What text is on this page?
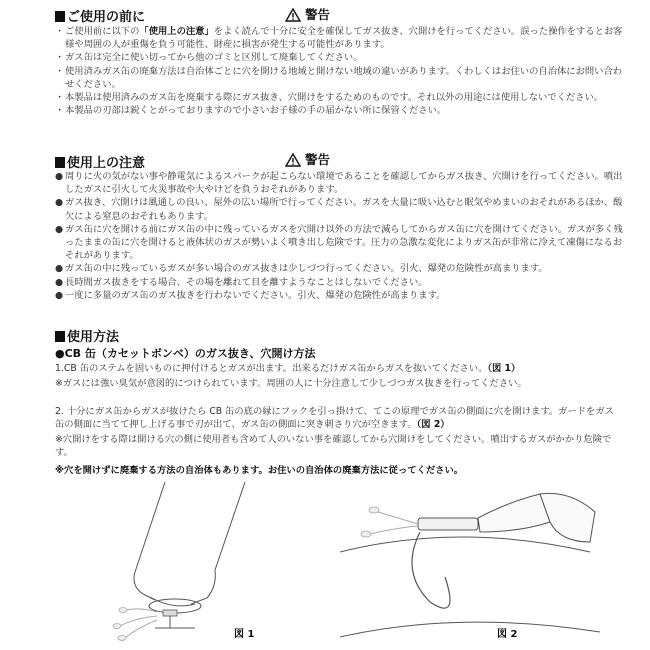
ご使用の前に	警告

・ ご使用前に以下の「使用上の注意」をよく読んで十分に安全を確保してガス抜き、穴開けを行ってください。誤った操作をするとお客様や周囲の人が重傷を負う可能性、財産に損害が発生する可能性があります。

・ ガス缶は完全に使い切ってから他のゴミと区別して廃棄してください。

・ 使用済みガス缶の廃棄方法は自治体ごとに穴を開ける地域と開けない地域の違いがあります。くわしくはお住いの自治体にお問い合わせください。

・ 本製品は使用済みのガス缶を廃棄する際にガス抜き、穴開けをするためのものです。それ以外の用途には使用しないでください。

・ 本製品の刃部は鋭くとがっておりますので小さいお子様の手の届かない所に保管ください。

使用上の注意	警告

● 周りに火の気がない事や静電気によるスパークが起こらない環境であることを確認してからガス抜き、穴開けを行ってください。噴出したガスに引火して火災事故や大やけどを負うおそれがあります。

● ガス抜き、穴開けは風通しの良い、屋外の広い場所で行ってください。ガスを大量に吸い込むと眠気やめまいのおそれがあるほか、酸欠による窒息のおそれもあります。

● ガス缶に穴を開ける前にガス缶の中に残っているガスを穴開け以外の方法で減らしてからガス缶に穴を開けてください。ガスが多く残ったままの缶に穴を開けると液体状のガスが勢いよく噴き出し危険です。圧力の急激な変化によりガス缶が非常に冷えて凍傷になるおそれがあります。

● ガス缶の中に残っているガスが多い場合のガス抜きは少しづつ行ってください。引火、爆発の危険性が高まります。

● 長時間ガス抜きをする場合、その場を離れて目を離すようなことはしないでください。

● 一度に多量のガス缶のガス抜きを行わないでください。引火、爆発の危険性が高まります。

使用方法
●CB 缶（カセットボンベ）のガス抜き、穴開け方法

1.CB 缶のステムを固いものに押付けるとガスが出ます。出来るだけガス缶からガスを抜いてください。（図 1）

※ガスには強い臭気が意図的につけられています。周囲の人に十分注意して少しづつガス抜きを行ってください。

2. 十分にガス缶からガスが抜けたら CB 缶の底の縁にフックを引っ掛けて、てこの原理でガス缶の側面に穴を開けます。ガードをガス缶の側面に当てて押し上げる事で刃が出て、ガス缶の側面に突き刺さり穴が空きます。（図 2）

※穴開けをする際は開ける穴の側に使用者も含めて人のいない事を確認してから穴開けをしてください。噴出するガスがかかり危険です。

※穴を開けずに廃棄する方法の自治体もあります。お住いの自治体の廃棄方法に従ってください。
図 1	図 2
